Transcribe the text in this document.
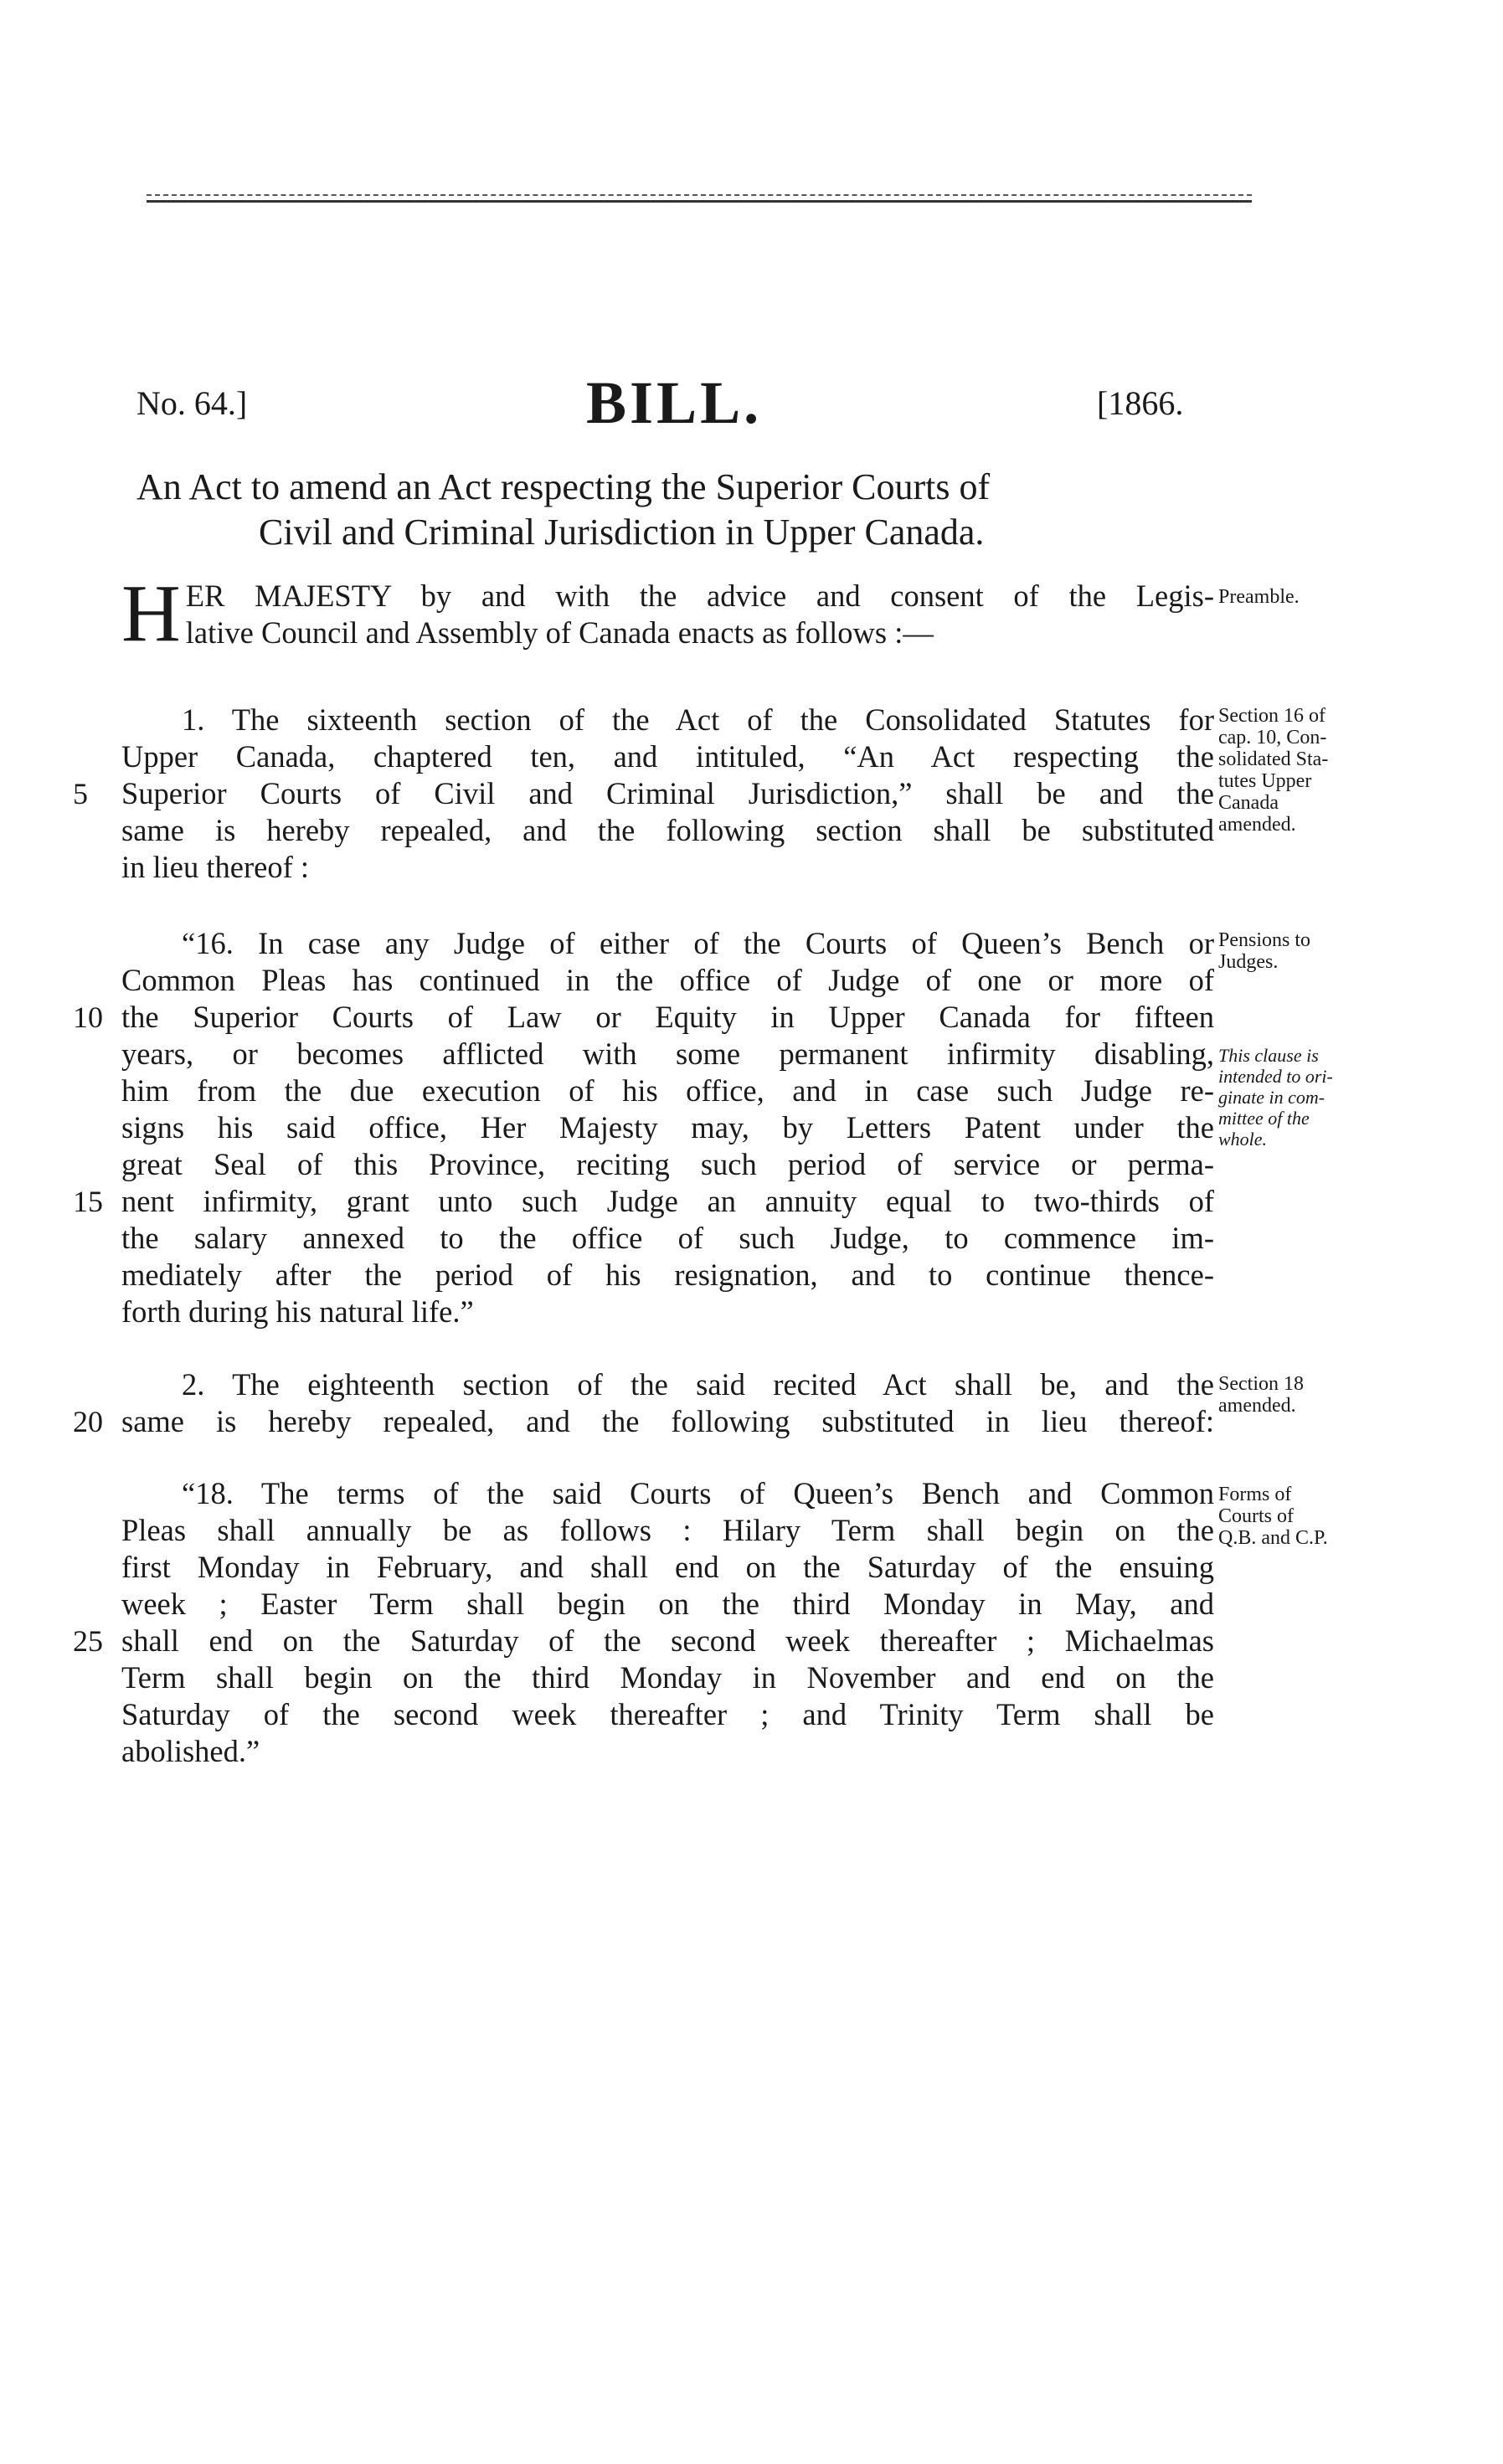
No. 64.]	BILL.	[1866.
An Act to amend an Act respecting the Superior Courts of
Civil and Criminal Jurisdiction in Upper Canada.
H ER MAJESTY by and with the advice and consent of the Legis-
lative Council and Assembly of Canada enacts as follows :—
Preamble.
1. The sixteenth section of the Act of the Consolidated Statutes for
Upper Canada, chaptered ten, and intituled, “An Act respecting the
5	Superior Courts of Civil and Criminal Jurisdiction,” shall be and the
same is hereby repealed, and the following section shall be substituted
in lieu thereof :
Section 16 of
cap. 10, Con-
solidated Sta-
tutes Upper
Canada
amended.
“16. In case any Judge of either of the Courts of Queen’s Bench or
Common Pleas has continued in the office of Judge of one or more of
10 the Superior Courts of Law or Equity in Upper Canada for fifteen
years, or becomes afflicted with some permanent infirmity disabling,
him from the due execution of his office, and in case such Judge re-
signs his said office, Her Majesty may, by Letters Patent under the
great Seal of this Province, reciting such period of service or perma-
15 nent infirmity, grant unto such Judge an annuity equal to two-thirds of
the salary annexed to the office of such Judge, to commence im-
mediately after the period of his resignation, and to continue thence-
forth during his natural life.”
Pensions to
Judges.
This clause is
intended to ori-
ginate in com-
mittee of the
whole.
2. The eighteenth section of the said recited Act shall be, and the
20 same is hereby repealed, and the following substituted in lieu thereof:
Section 18
amended.
“18. The terms of the said Courts of Queen’s Bench and Common
Pleas shall annually be as follows : Hilary Term shall begin on the
first Monday in February, and shall end on the Saturday of the ensuing
week ; Easter Term shall begin on the third Monday in May, and
25 shall end on the Saturday of the second week thereafter ; Michaelmas
Term shall begin on the third Monday in November and end on the
Saturday of the second week thereafter ; and Trinity Term shall be
abolished.”
Forms of
Courts of
Q.B. and C.P.
